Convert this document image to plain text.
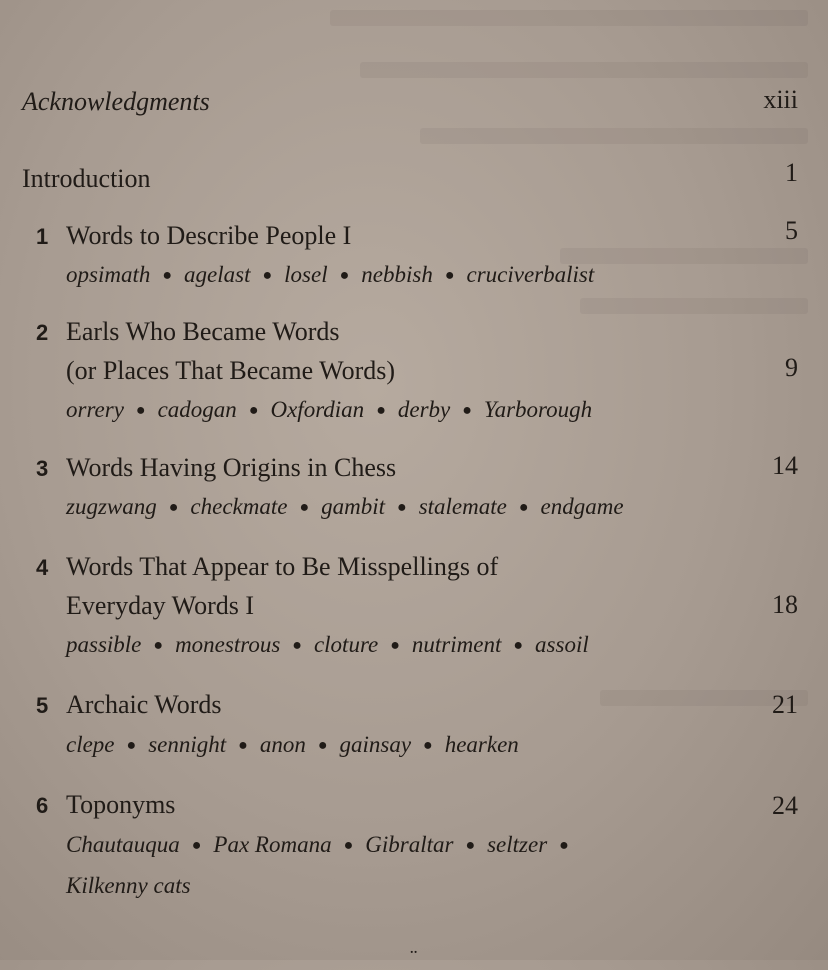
Acknowledgments	xiii
Introduction	1
1 Words to Describe People I	5
opsimath ● agelast ● losel ● nebbish ● cruciverbalist
2 Earls Who Became Words
(or Places That Became Words)	9
orrery ● cadogan ● Oxfordian ● derby ● Yarborough
3 Words Having Origins in Chess	14
zugzwang ● checkmate ● gambit ● stalemate ● endgame
4 Words That Appear to Be Misspellings of
Everyday Words I	18
passible ● monestrous ● cloture ● nutriment ● assoil
5 Archaic Words	21
clepe ● sennight ● anon ● gainsay ● hearken
6 Toponyms	24
Chautauqua ● Pax Romana ● Gibraltar ● seltzer ●
Kilkenny cats
¨
